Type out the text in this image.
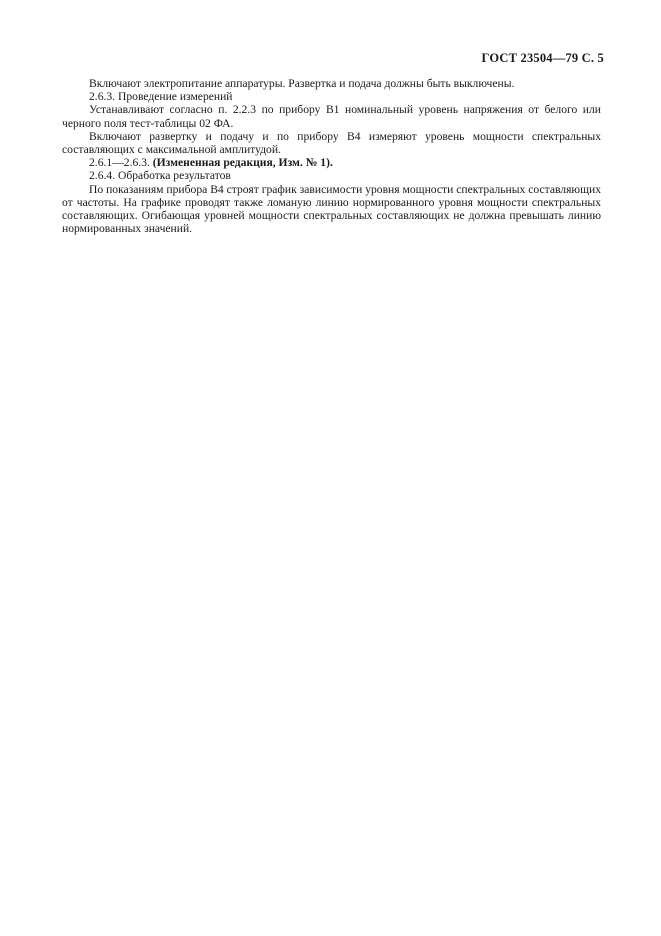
ГОСТ 23504—79 С. 5

Включают электропитание аппаратуры. Развертка и подача должны быть выключены.

2.6.3. Проведение измерений

Устанавливают согласно п. 2.2.3 по прибору В1 номинальный уровень напряжения от белого или черного поля тест-таблицы 02 ФА.

Включают развертку и подачу и по прибору В4 измеряют уровень мощности спектральных составляющих с максимальной амплитудой.

2.6.1—2.6.3. (Измененная редакция, Изм. № 1).

2.6.4. Обработка результатов

По показаниям прибора В4 строят график зависимости уровня мощности спектральных составляющих от частоты. На графике проводят также ломаную линию нормированного уровня мощности спектральных составляющих. Огибающая уровней мощности спектральных составляющих не должна превышать линию нормированных значений.
